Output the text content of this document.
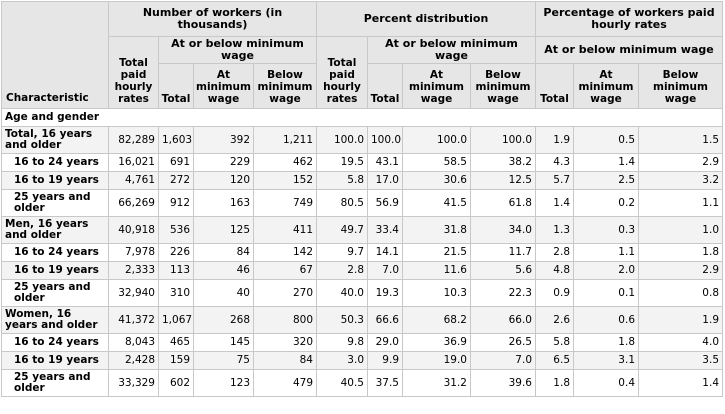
Characteristic	Number of workers (in thousands)				Percent distribution				Percentage of workers paid hourly rates		
	Total paid hourly rates	At or below minimum wage			Total paid hourly rates	At or below minimum wage			At or below minimum wage		
		Total	At minimum wage	Below minimum wage		Total	At minimum wage	Below minimum wage	Total	At minimum wage	Below minimum wage
Age and gender											
Total, 16 years and older	82,289	1,603	392	1,211	100.0	100.0	100.0	100.0	1.9	0.5	1.5
16 to 24 years	16,021	691	229	462	19.5	43.1	58.5	38.2	4.3	1.4	2.9
16 to 19 years	4,761	272	120	152	5.8	17.0	30.6	12.5	5.7	2.5	3.2
25 years and older	66,269	912	163	749	80.5	56.9	41.5	61.8	1.4	0.2	1.1
Men, 16 years and older	40,918	536	125	411	49.7	33.4	31.8	34.0	1.3	0.3	1.0
16 to 24 years	7,978	226	84	142	9.7	14.1	21.5	11.7	2.8	1.1	1.8
16 to 19 years	2,333	113	46	67	2.8	7.0	11.6	5.6	4.8	2.0	2.9
25 years and older	32,940	310	40	270	40.0	19.3	10.3	22.3	0.9	0.1	0.8
Women, 16 years and older	41,372	1,067	268	800	50.3	66.6	68.2	66.0	2.6	0.6	1.9
16 to 24 years	8,043	465	145	320	9.8	29.0	36.9	26.5	5.8	1.8	4.0
16 to 19 years	2,428	159	75	84	3.0	9.9	19.0	7.0	6.5	3.1	3.5
25 years and older	33,329	602	123	479	40.5	37.5	31.2	39.6	1.8	0.4	1.4
